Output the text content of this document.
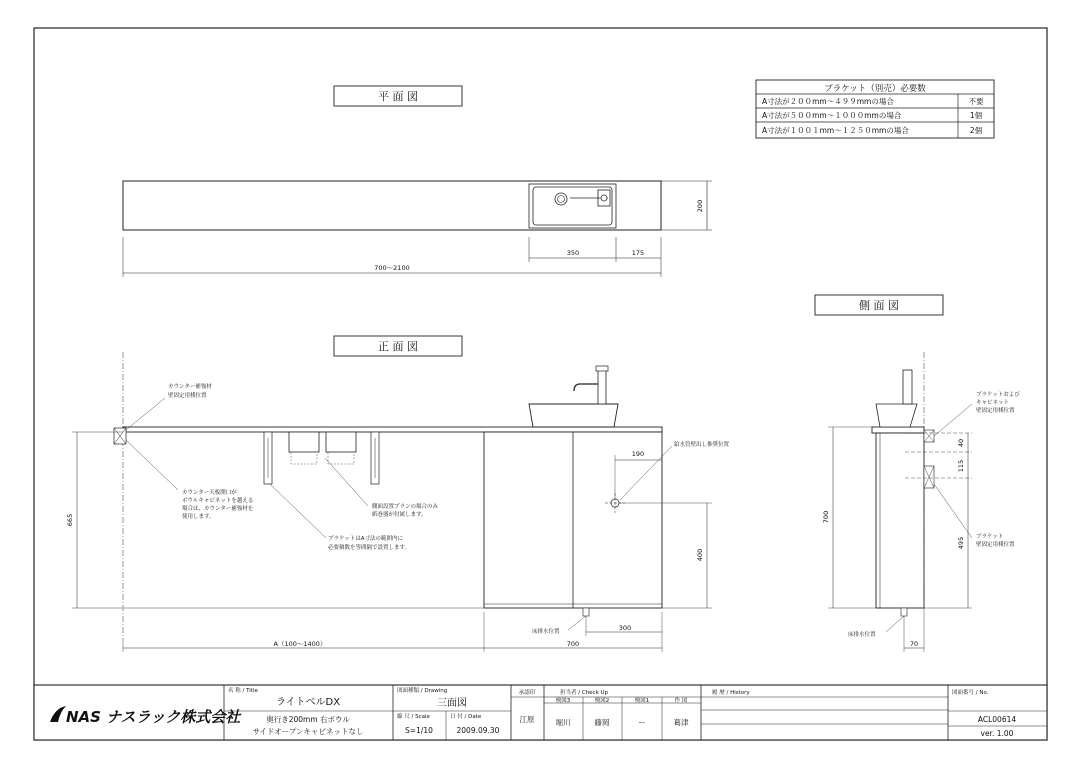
平 面 図
200
350	175
700～2100
ブラケット（別売）必要数
A寸法が２００mm～４９９mmの場合	不要
A寸法が５００mm～１０００mmの場合	1個
A寸法が１００１mm～１２５０mmの場合	2個
正 面 図
190
400
665
300
A（100～1400）	700
カウンター補強材
壁固定用桟位置
カウンター天板開口が
ボウルキャビネットを越える
場合は、カウンター補強材を
使用します。
側面設置プランの場合のみ
紙巻器が付属します。
ブラケットはA寸法の範囲内に
必要個数を等間隔で設置します。
給水管壁出し推奨位置
床排水位置
側 面 図
40
115
495
700
70
ブラケットおよび
キャビネット
壁固定用桟位置
ブラケット
壁固定用桟位置
床排水位置
NAS ナスラック株式会社
名 称 / Title
ライトベルDX
奥行き200mm 右ボウル
サイドオープンキャビネットなし
図面種類 / Drawing
三面図
縮 尺 / Scale
S=1/10
日 付 / Date
2009.09.30
承認印
江原
担当者 / Check Up
検図3	検図2	検図1	作 図
堀川	藤岡	ー	葛津
履 歴 / History	図面番号 / No.
ACL00614
ver. 1.00
